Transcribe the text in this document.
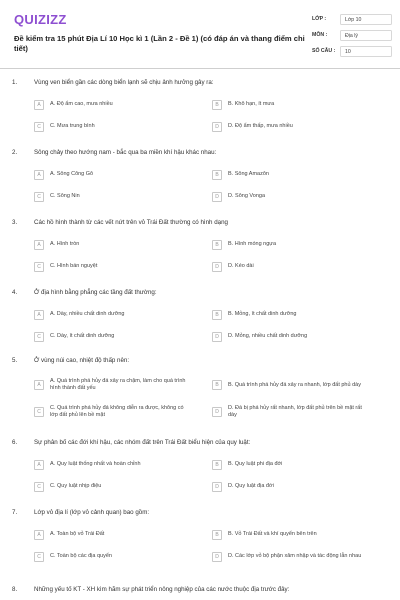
QUIZIZZ
Đề kiểm tra 15 phút Địa Lí 10 Học kì 1 (Lần 2 - Đề 1) (có đáp án và thang điểm chi tiết)
LỚP :	Lớp 10
MÔN :	Địa lý
SỐ CÂU :	10
1.	Vùng ven biển gần các dòng biển lạnh sẽ chịu ảnh hưởng gây ra:
A	A. Độ ẩm cao, mưa nhiều	B	B. Khô hạn, ít mưa
C	C. Mưa trung bình	D	D. Độ ẩm thấp, mưa nhiều
2.	Sông chảy theo hướng nam - bắc qua ba miền khí hậu khác nhau:
A	A. Sông Công Gô	B	B. Sông Amazôn
C	C. Sông Nin	D	D. Sông Vonga
3.	Các hồ hình thành từ các vết nứt trên vỏ Trái Đất thường có hình dạng
A	A. Hình tròn	B	B. Hình móng ngựa
C	C. Hình bán nguyệt	D	D. Kéo dài
4.	Ở địa hình bằng phẳng các tầng đất thường:
A	A. Dày, nhiều chất dinh dưỡng	B	B. Mỏng, ít chất dinh dưỡng
C	C. Dày, ít chất dinh dưỡng	D	D. Mỏng, nhiều chất dinh dưỡng
5.	Ở vùng núi cao, nhiệt độ thấp nên:
A
A. Quá trình phá hủy đá xảy ra chậm, làm cho quá trình hình thành đất yếu	B	B. Quá trình phá hủy đá xảy ra nhanh, lớp đất phủ dày
C
C. Quá trình phá hủy đá không diễn ra được, không có lớp đất phủ lên bề mặt	D
D. Đá bị phá hủy rất nhanh, lớp đất phủ trên bề mặt rất dày
6.	Sự phân bố các đới khí hậu, các nhóm đất trên Trái Đất biểu hiện của quy luật:
A	A. Quy luật thống nhất và hoàn chỉnh	B	B. Quy luật phi địa đới
C	C. Quy luật nhịp điệu	D	D. Quy luật địa đới
7.	Lớp vỏ địa lí (lớp vỏ cảnh quan) bao gồm:
A	A. Toàn bộ vỏ Trái Đất	B	B. Vỏ Trái Đất và khí quyển bên trên
C	C. Toàn bộ các địa quyển	D	D. Các lớp vỏ bộ phận xâm nhập và tác động lẫn nhau
8.	Những yếu tố KT - XH kìm hãm sự phát triển nông nghiệp của các nước thuộc địa trước đây:
